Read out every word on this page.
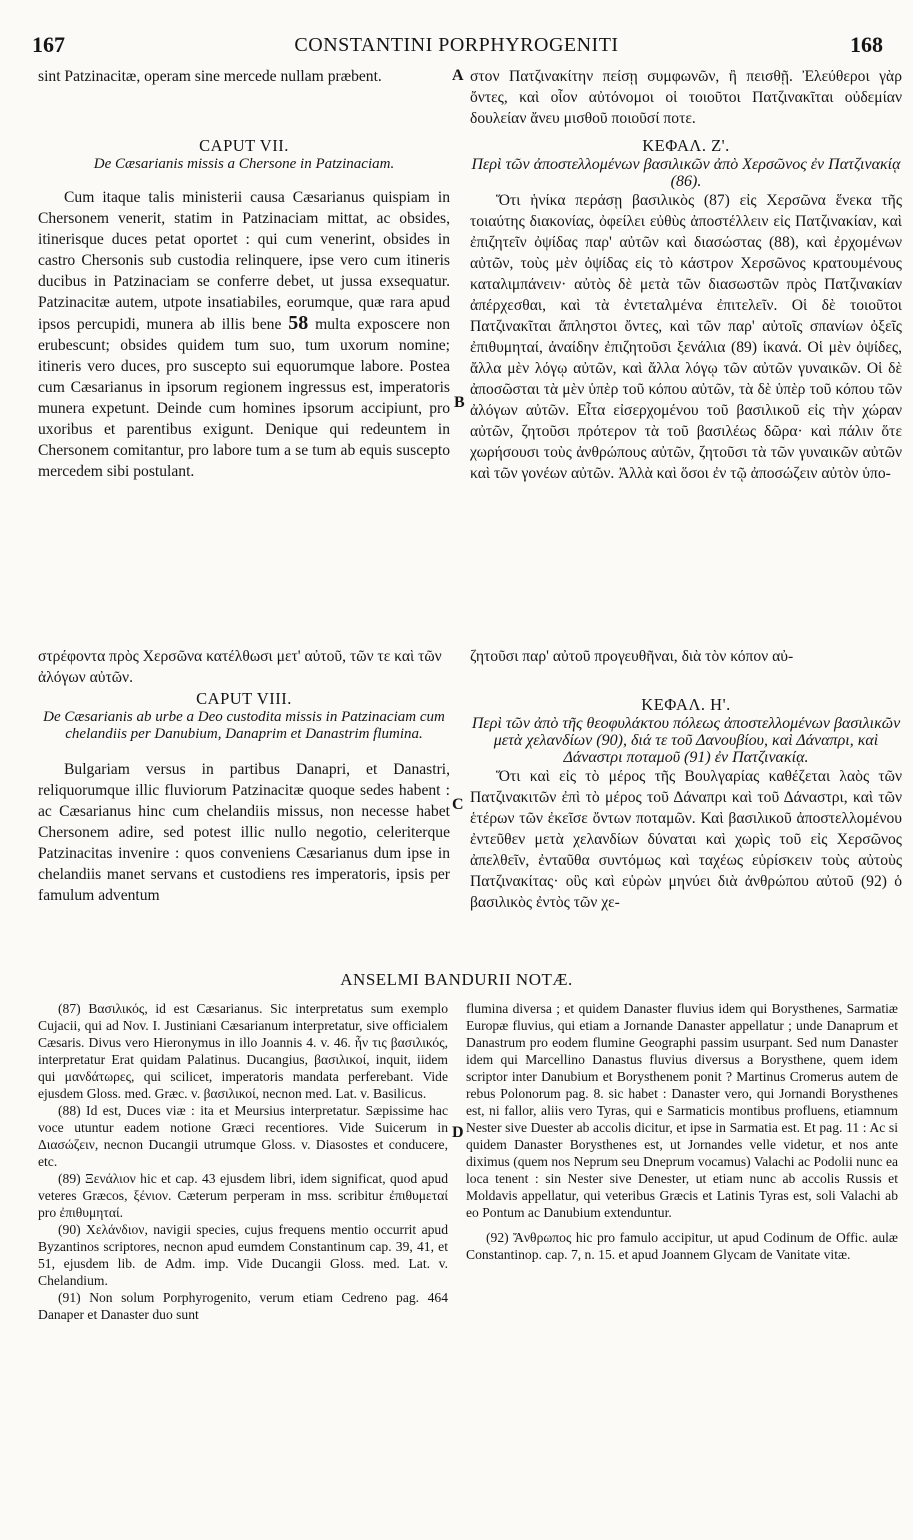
167	CONSTANTINI PORPHYROGENITI	168
A
B
C
D

sint Patzinacitæ, operam sine mercede nullam præbent.

CAPUT VII.

De Cæsarianis missis a Chersone in Patzinaciam.

Cum itaque talis ministerii causa Cæsarianus quispiam in Chersonem venerit, statim in Patzinaciam mittat, ac obsides, itinerisque duces petat oportet : qui cum venerint, obsides in castro Chersonis sub custodia relinquere, ipse vero cum itineris ducibus in Patzinaciam se conferre debet, ut jussa exsequatur. Patzinacitæ autem, utpote insatiabiles, eorumque, quæ rara apud ipsos percupidi, munera ab illis bene 58 multa exposcere non erubescunt; obsides quidem tum suo, tum uxorum nomine; itineris vero duces, pro suscepto sui equorumque labore. Postea cum Cæsarianus in ipsorum regionem ingressus est, imperatoris munera expetunt. Deinde cum homines ipsorum accipiunt, pro uxoribus et parentibus exigunt. Denique qui redeuntem in Chersonem comitantur, pro labore tum a se tum ab equis suscepto mercedem sibi postulant.

στον Πατζινακίτην πείσῃ συμφωνῶν, ἢ πεισθῇ. Ἐλεύθεροι γὰρ ὄντες, καὶ οἷον αὐτόνομοι οἱ τοιοῦτοι Πατζινακῖται οὐδεμίαν δουλείαν ἄνευ μισθοῦ ποιοῦσί ποτε.

ΚΕΦΑΛ. Ζ'.

Περὶ τῶν ἀποστελλομένων βασιλικῶν ἀπὸ Χερσῶνος ἐν Πατζινακίᾳ (86).

Ὅτι ἡνίκα περάσῃ βασιλικὸς (87) εἰς Χερσῶνα ἕνεκα τῆς τοιαύτης διακονίας, ὀφείλει εὐθὺς ἀποστέλλειν εἰς Πατζινακίαν, καὶ ἐπιζητεῖν ὀψίδας παρ' αὐτῶν καὶ διασώστας (88), καὶ ἐρχομένων αὐτῶν, τοὺς μὲν ὀψίδας εἰς τὸ κάστρον Χερσῶνος κρατουμένους καταλιμπάνειν· αὐτὸς δὲ μετὰ τῶν διασωστῶν πρὸς Πατζινακίαν ἀπέρχεσθαι, καὶ τὰ ἐντεταλμένα ἐπιτελεῖν. Οἱ δὲ τοιοῦτοι Πατζινακῖται ἄπληστοι ὄντες, καὶ τῶν παρ' αὐτοῖς σπανίων ὀξεῖς ἐπιθυμηταί, ἀναίδην ἐπιζητοῦσι ξενάλια (89) ἱκανά. Οἱ μὲν ὀψίδες, ἄλλα μὲν λόγῳ αὐτῶν, καὶ ἄλλα λόγῳ τῶν αὐτῶν γυναικῶν. Οἱ δὲ ἀποσῶσται τὰ μὲν ὑπὲρ τοῦ κόπου αὐτῶν, τὰ δὲ ὑπὲρ τοῦ κόπου τῶν ἀλόγων αὐτῶν. Εἶτα εἰσερχομένου τοῦ βασιλικοῦ εἰς τὴν χώραν αὐτῶν, ζητοῦσι πρότερον τὰ τοῦ βασιλέως δῶρα· καὶ πάλιν ὅτε χωρήσουσι τοὺς ἀνθρώπους αὐτῶν, ζητοῦσι τὰ τῶν γυναικῶν αὐτῶν καὶ τῶν γονέων αὐτῶν. Ἀλλὰ καὶ ὅσοι ἐν τῷ ἀποσώζειν αὐτὸν ὑπο-

στρέφοντα πρὸς Χερσῶνα κατέλθωσι μετ' αὐτοῦ, τῶν τε καὶ τῶν ἀλόγων αὐτῶν.
ζητοῦσι παρ' αὐτοῦ προγευθῆναι, διὰ τὸν κόπον αὐ-

CAPUT VIII.

De Cæsarianis ab urbe a Deo custodita missis in Patzinaciam cum chelandiis per Danubium, Danaprim et Danastrim flumina.

Bulgariam versus in partibus Danapri, et Danastri, reliquorumque illic fluviorum Patzinacitæ quoque sedes habent : ac Cæsarianus hinc cum chelandiis missus, non necesse habet Chersonem adire, sed potest illic nullo negotio, celeriterque Patzinacitas invenire : quos conveniens Cæsarianus dum ipse in chelandiis manet servans et custodiens res imperatoris, ipsis per famulum adventum

ΚΕΦΑΛ. Η'.

Περὶ τῶν ἀπὸ τῆς θεοφυλάκτου πόλεως ἀποστελλομένων βασιλικῶν μετὰ χελανδίων (90), διά τε τοῦ Δανουβίου, καὶ Δάναπρι, καὶ Δάναστρι ποταμοῦ (91) ἐν Πατζινακίᾳ.

Ὅτι καὶ εἰς τὸ μέρος τῆς Βουλγαρίας καθέζεται λαὸς τῶν Πατζινακιτῶν ἐπὶ τὸ μέρος τοῦ Δάναπρι καὶ τοῦ Δάναστρι, καὶ τῶν ἑτέρων τῶν ἐκεῖσε ὄντων ποταμῶν. Καὶ βασιλικοῦ ἀποστελλομένου ἐντεῦθεν μετὰ χελανδίων δύναται καὶ χωρὶς τοῦ εἰς Χερσῶνος ἀπελθεῖν, ἐνταῦθα συντόμως καὶ ταχέως εὑρίσκειν τοὺς αὐτοὺς Πατζινακίτας· οὓς καὶ εὑρὼν μηνύει διὰ ἀνθρώπου αὐτοῦ (92) ὁ βασιλικὸς ἐντὸς τῶν χε-

ANSELMI BANDURII NOTÆ.

(87) Βασιλικός, id est Cæsarianus. Sic interpretatus sum exemplo Cujacii, qui ad Nov. I. Justiniani Cæsarianum interpretatur, sive officialem Cæsaris. Divus vero Hieronymus in illo Joannis 4. v. 46. ἦν τις βασιλικός, interpretatur Erat quidam Palatinus. Ducangius, βασιλικοί, inquit, iidem qui μανδάτωρες, qui scilicet, imperatoris mandata perferebant. Vide ejusdem Gloss. med. Græc. v. βασιλικοί, necnon med. Lat. v. Basilicus.

(88) Id est, Duces viæ : ita et Meursius interpretatur. Sæpissime hac voce utuntur eadem notione Græci recentiores. Vide Suicerum in Διασώζειν, necnon Ducangii utrumque Gloss. v. Diasostes et conducere, etc.

(89) Ξενάλιον hic et cap. 43 ejusdem libri, idem significat, quod apud veteres Græcos, ξένιον. Cæterum perperam in mss. scribitur ἐπιθυμεταί pro ἐπιθυμηταί.

(90) Χελάνδιον, navigii species, cujus frequens mentio occurrit apud Byzantinos scriptores, necnon apud eumdem Constantinum cap. 39, 41, et 51, ejusdem lib. de Adm. imp. Vide Ducangii Gloss. med. Lat. v. Chelandium.

(91) Non solum Porphyrogenito, verum etiam Cedreno pag. 464 Danaper et Danaster duo sunt

flumina diversa ; et quidem Danaster fluvius idem qui Borysthenes, Sarmatiæ Europæ fluvius, qui etiam a Jornande Danaster appellatur ; unde Danaprum et Danastrum pro eodem flumine Geographi passim usurpant. Sed num Danaster idem qui Marcellino Danastus fluvius diversus a Borysthene, quem idem scriptor inter Danubium et Borysthenem ponit ? Martinus Cromerus autem de rebus Polonorum pag. 8. sic habet : Danaster vero, qui Jornandi Borysthenes est, ni fallor, aliis vero Tyras, qui e Sarmaticis montibus profluens, etiamnum Nester sive Duester ab accolis dicitur, et ipse in Sarmatia est. Et pag. 11 : Ac si quidem Danaster Borysthenes est, ut Jornandes velle videtur, et nos ante diximus (quem nos Neprum seu Dneprum vocamus) Valachi ac Podolii nunc ea loca tenent : sin Nester sive Denester, ut etiam nunc ab accolis Russis et Moldavis appellatur, qui veteribus Græcis et Latinis Tyras est, soli Valachi ab eo Pontum ac Danubium extenduntur.

(92) Ἄνθρωπος hic pro famulo accipitur, ut apud Codinum de Offic. aulæ Constantinop. cap. 7, n. 15. et apud Joannem Glycam de Vanitate vitæ.
